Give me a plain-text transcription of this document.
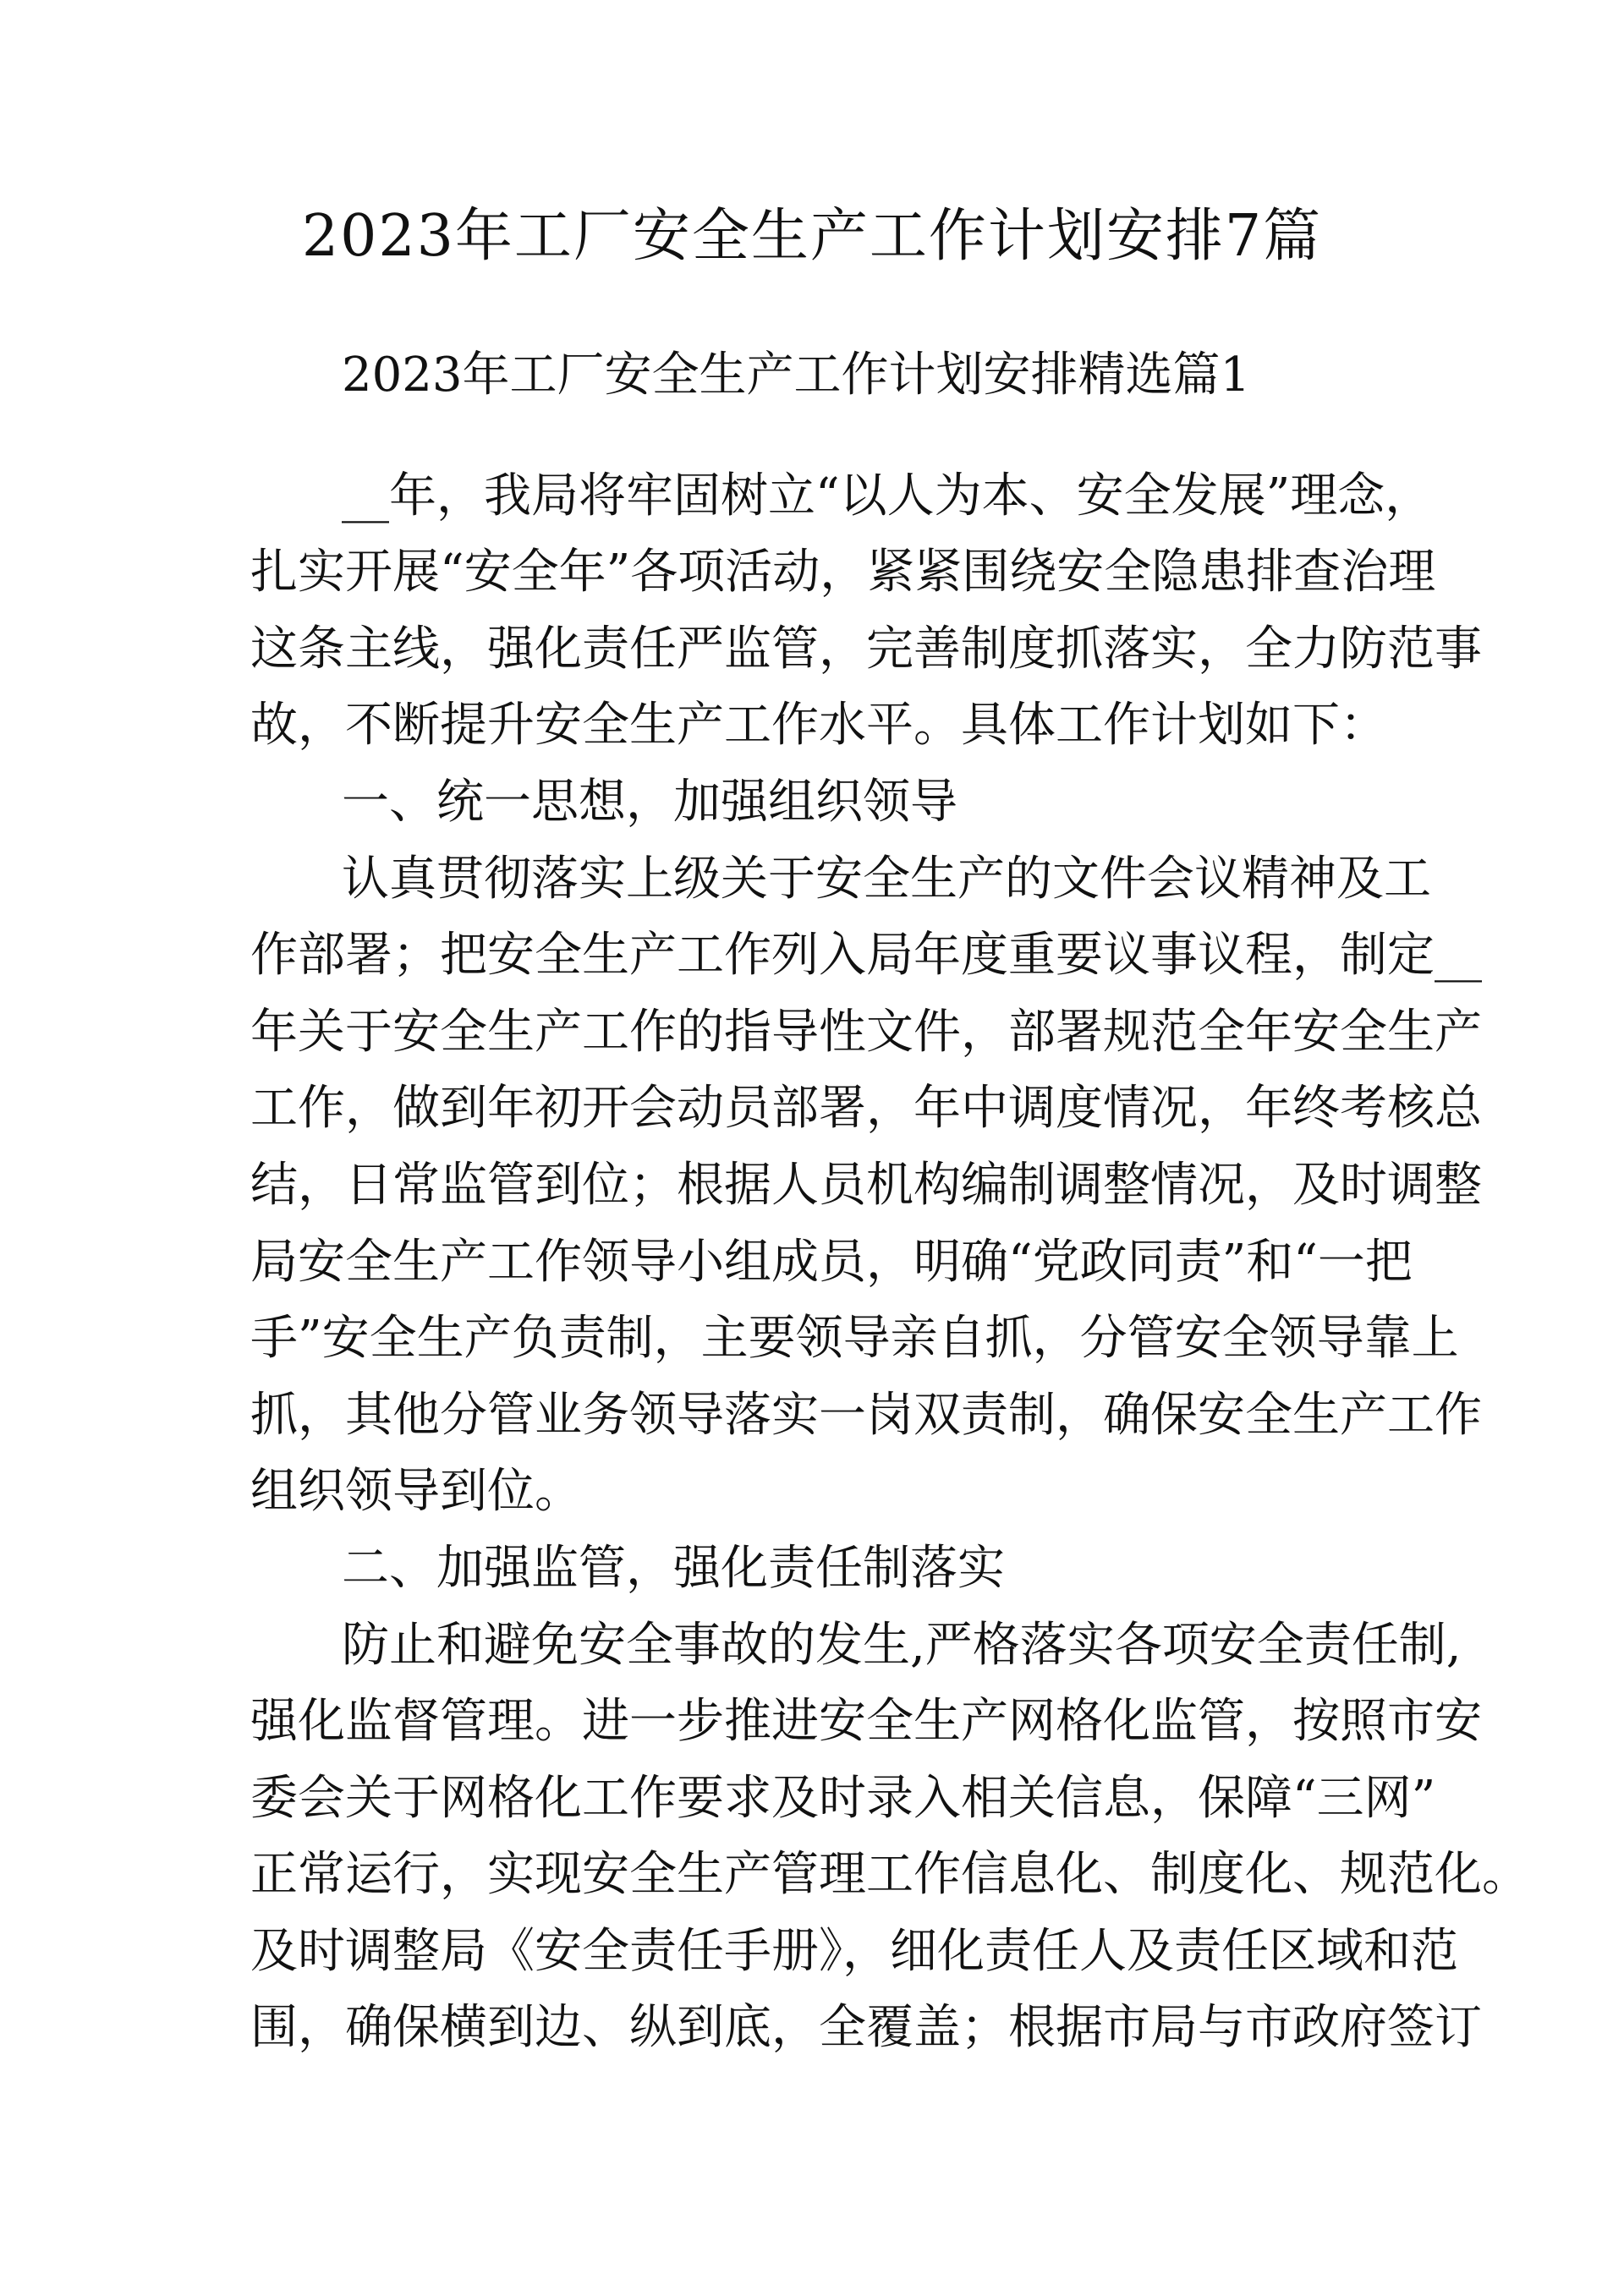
2023年工厂安全生产工作计划安排7篇
2023年工厂安全生产工作计划安排精选篇1
__年，我局将牢固树立“以人为本、安全发展”理念，
扎实开展“安全年”各项活动，紧紧围绕安全隐患排查治理
这条主线，强化责任严监管，完善制度抓落实，全力防范事
故，不断提升安全生产工作水平。具体工作计划如下：
一、统一思想，加强组织领导
认真贯彻落实上级关于安全生产的文件会议精神及工
作部署；把安全生产工作列入局年度重要议事议程，制定__
年关于安全生产工作的指导性文件，部署规范全年安全生产
工作，做到年初开会动员部署，年中调度情况，年终考核总
结，日常监管到位；根据人员机构编制调整情况，及时调整
局安全生产工作领导小组成员，明确“党政同责”和“一把
手”安全生产负责制，主要领导亲自抓，分管安全领导靠上
抓，其他分管业务领导落实一岗双责制，确保安全生产工作
组织领导到位。
二、加强监管，强化责任制落实
防止和避免安全事故的发生,严格落实各项安全责任制,
强化监督管理。进一步推进安全生产网格化监管，按照市安
委会关于网格化工作要求及时录入相关信息，保障“三网”
正常运行，实现安全生产管理工作信息化、制度化、规范化。
及时调整局《安全责任手册》，细化责任人及责任区域和范
围，确保横到边、纵到底，全覆盖；根据市局与市政府签订
